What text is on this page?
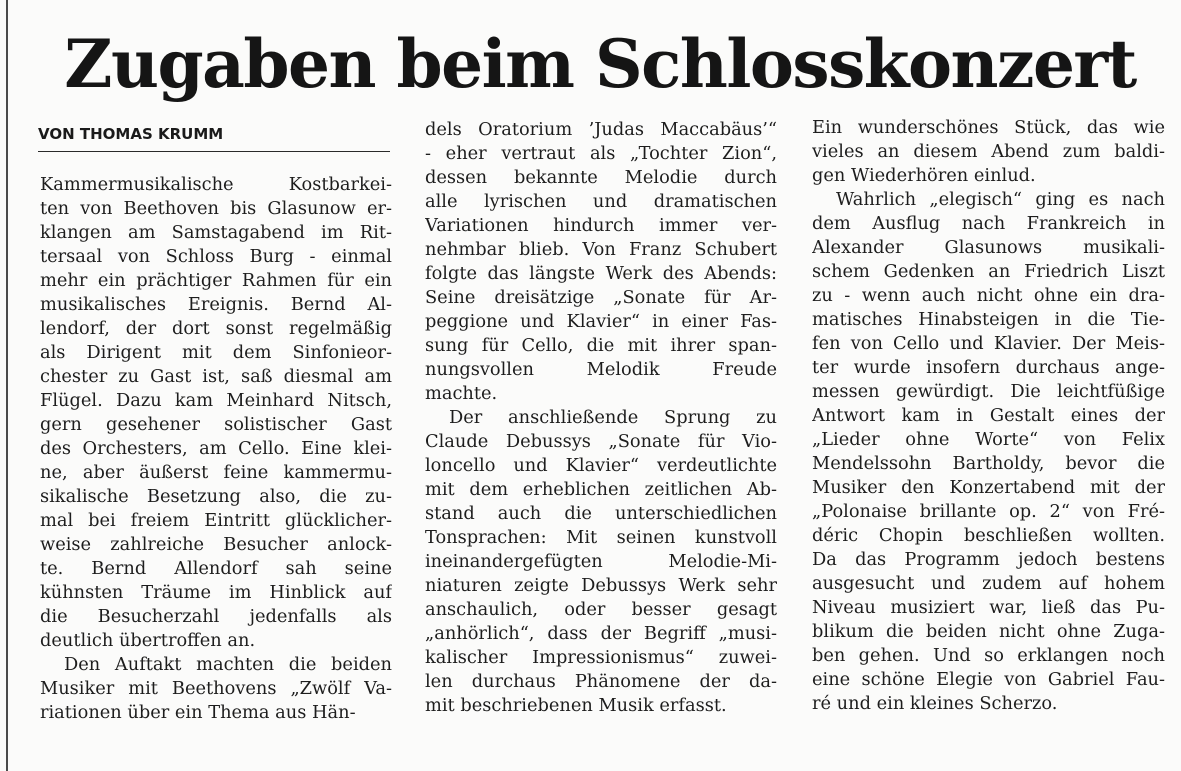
Zugaben beim Schlosskonzert
VON THOMAS KRUMM
Kammermusikalische Kostbarkei-
ten von Beethoven bis Glasunow er-
klangen am Samstagabend im Rit-
tersaal von Schloss Burg - einmal
mehr ein prächtiger Rahmen für ein
musikalisches Ereignis. Bernd Al-
lendorf, der dort sonst regelmäßig
als Dirigent mit dem Sinfonieor-
chester zu Gast ist, saß diesmal am
Flügel. Dazu kam Meinhard Nitsch,
gern gesehener solistischer Gast
des Orchesters, am Cello. Eine klei-
ne, aber äußerst feine kammermu-
sikalische Besetzung also, die zu-
mal bei freiem Eintritt glücklicher-
weise zahlreiche Besucher anlock-
te. Bernd Allendorf sah seine
kühnsten Träume im Hinblick auf
die Besucherzahl jedenfalls als
deutlich übertroffen an.
Den Auftakt machten die beiden
Musiker mit Beethovens „Zwölf Va-
riationen über ein Thema aus Hän-
dels Oratorium ’Judas Maccabäus’“
- eher vertraut als „Tochter Zion“,
dessen bekannte Melodie durch
alle lyrischen und dramatischen
Variationen hindurch immer ver-
nehmbar blieb. Von Franz Schubert
folgte das längste Werk des Abends:
Seine dreisätzige „Sonate für Ar-
peggione und Klavier“ in einer Fas-
sung für Cello, die mit ihrer span-
nungsvollen Melodik Freude
machte.
Der anschließende Sprung zu
Claude Debussys „Sonate für Vio-
loncello und Klavier“ verdeutlichte
mit dem erheblichen zeitlichen Ab-
stand auch die unterschiedlichen
Tonsprachen: Mit seinen kunstvoll
ineinandergefügten Melodie-Mi-
niaturen zeigte Debussys Werk sehr
anschaulich, oder besser gesagt
„anhörlich“, dass der Begriff „musi-
kalischer Impressionismus“ zuwei-
len durchaus Phänomene der da-
mit beschriebenen Musik erfasst.
Ein wunderschönes Stück, das wie
vieles an diesem Abend zum baldi-
gen Wiederhören einlud.
Wahrlich „elegisch“ ging es nach
dem Ausflug nach Frankreich in
Alexander Glasunows musikali-
schem Gedenken an Friedrich Liszt
zu - wenn auch nicht ohne ein dra-
matisches Hinabsteigen in die Tie-
fen von Cello und Klavier. Der Meis-
ter wurde insofern durchaus ange-
messen gewürdigt. Die leichtfüßige
Antwort kam in Gestalt eines der
„Lieder ohne Worte“ von Felix
Mendelssohn Bartholdy, bevor die
Musiker den Konzertabend mit der
„Polonaise brillante op. 2“ von Fré-
déric Chopin beschließen wollten.
Da das Programm jedoch bestens
ausgesucht und zudem auf hohem
Niveau musiziert war, ließ das Pu-
blikum die beiden nicht ohne Zuga-
ben gehen. Und so erklangen noch
eine schöne Elegie von Gabriel Fau-
ré und ein kleines Scherzo.
